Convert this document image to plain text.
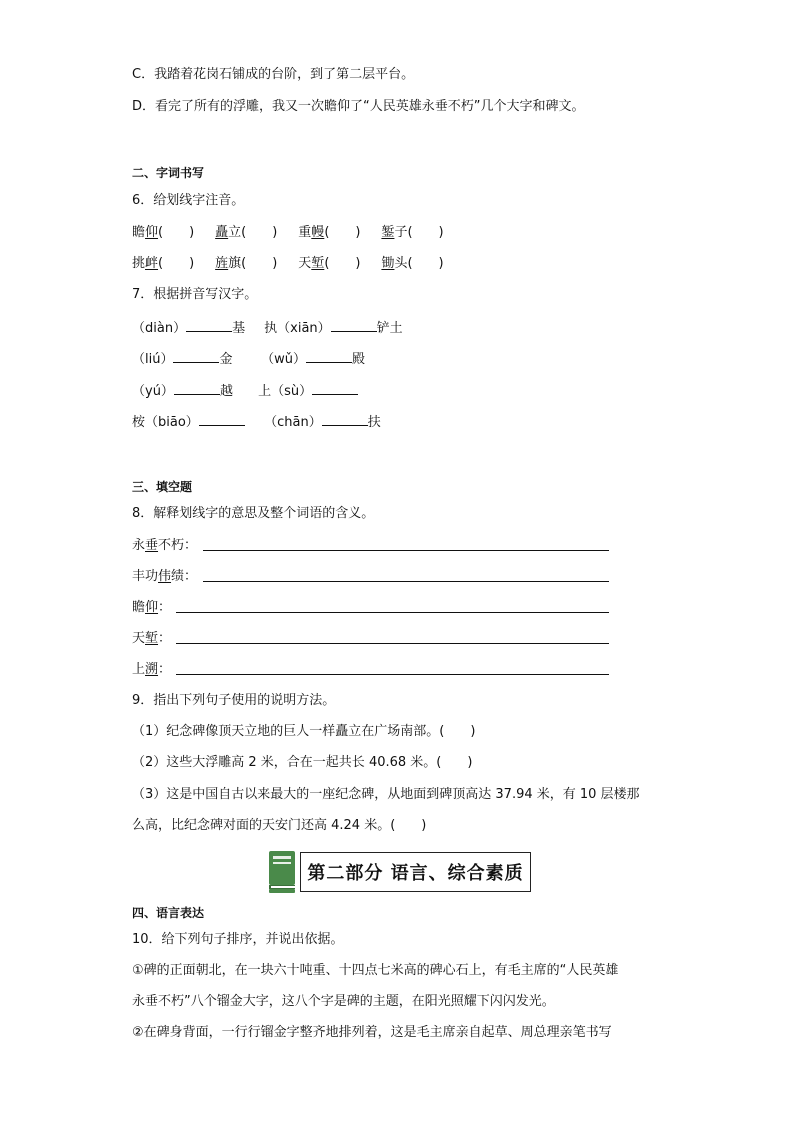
C．我踏着花岗石铺成的台阶，到了第二层平台。
D．看完了所有的浮雕，我又一次瞻仰了“人民英雄永垂不朽”几个大字和碑文。
二、字词书写
6．给划线字注音。
瞻仰(　　) 矗立(　　) 重幔(　　) 錾子(　　)
挑衅(　　) 旌旗(　　) 天堑(　　) 锄头(　　)
7．根据拼音写汉字。
（diàn）	基 执（xiān）	铲土
（liú）	金 （wǔ）	殿
（yú）	越 上（sù）
桉（biāo）	（chān）	扶
三、填空题
8．解释划线字的意思及整个词语的含义。
永垂不朽：
丰功伟绩：
瞻仰：
天堑：
上溯：
9．指出下列句子使用的说明方法。
（1）纪念碑像顶天立地的巨人一样矗立在广场南部。(　　)
（2）这些大浮雕高 2 米，合在一起共长 40.68 米。(　　)
（3）这是中国自古以来最大的一座纪念碑，从地面到碑顶高达 37.94 米，有 10 层楼那
么高，比纪念碑对面的天安门还高 4.24 米。(　　)
第二部分 语言、综合素质
四、语言表达
10．给下列句子排序，并说出依据。
①碑的正面朝北，在一块六十吨重、十四点七米高的碑心石上，有毛主席的“人民英雄
永垂不朽”八个镏金大字，这八个字是碑的主题，在阳光照耀下闪闪发光。
②在碑身背面，一行行镏金字整齐地排列着，这是毛主席亲自起草、周总理亲笔书写
